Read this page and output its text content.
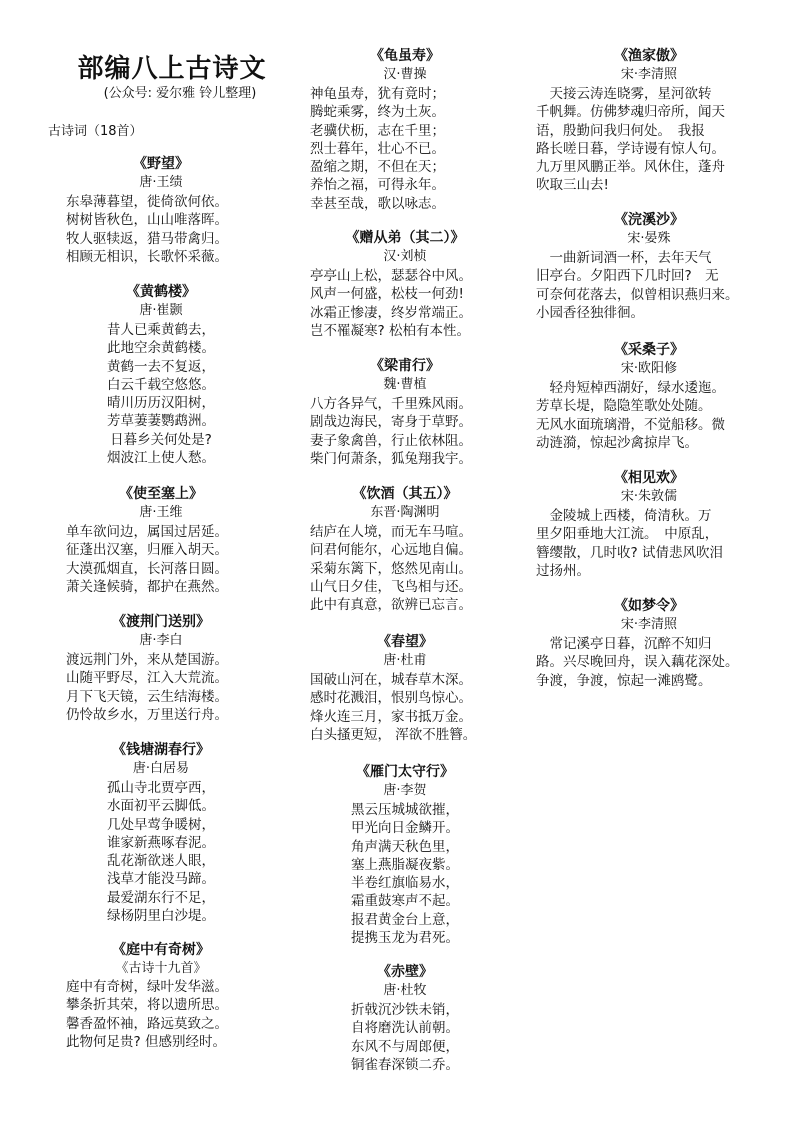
部编八上古诗文
(公众号: 爱尔雅 铃儿整理)
古诗词（18首）
《野望》
唐·王绩
东皋薄暮望，徙倚欲何依。
树树皆秋色，山山唯落晖。
牧人驱犊返，猎马带禽归。
相顾无相识，长歌怀采薇。
《黄鹤楼》
唐·崔颢
昔人已乘黄鹤去，
此地空余黄鹤楼。
黄鹤一去不复返，
白云千载空悠悠。
晴川历历汉阳树，
芳草萋萋鹦鹉洲。
日暮乡关何处是?
烟波江上使人愁。
《使至塞上》
唐·王维
单车欲问边，属国过居延。
征蓬出汉塞，归雁入胡天。
大漠孤烟直，长河落日圆。
萧关逢候骑，都护在燕然。
《渡荆门送别》
唐·李白
渡远荆门外，来从楚国游。
山随平野尽，江入大荒流。
月下飞天镜，云生结海楼。
仍怜故乡水，万里送行舟。
《钱塘湖春行》
唐·白居易
孤山寺北贾亭西，
水面初平云脚低。
几处早莺争暖树，
谁家新燕啄春泥。
乱花渐欲迷人眼，
浅草才能没马蹄。
最爱湖东行不足，
绿杨阴里白沙堤。
《庭中有奇树》
《古诗十九首》
庭中有奇树，绿叶发华滋。
攀条折其荣，将以遗所思。
馨香盈怀袖，路远莫致之。
此物何足贵? 但感别经时。
《龟虽寿》
汉·曹操
神龟虽寿，犹有竟时；
腾蛇乘雾，终为土灰。
老骥伏枥，志在千里；
烈士暮年，壮心不已。
盈缩之期，不但在天；
养怡之福，可得永年。
幸甚至哉，歌以咏志。
《赠从弟（其二）》
汉·刘桢
亭亭山上松，瑟瑟谷中风。
风声一何盛，松枝一何劲!
冰霜正惨凄，终岁常端正。
岂不罹凝寒? 松柏有本性。
《梁甫行》
魏·曹植
八方各异气，千里殊风雨。
剧哉边海民，寄身于草野。
妻子象禽兽，行止依林阻。
柴门何萧条，狐兔翔我宇。
《饮酒（其五）》
东晋·陶渊明
结庐在人境，而无车马喧。
问君何能尔，心远地自偏。
采菊东篱下，悠然见南山。
山气日夕佳，飞鸟相与还。
此中有真意，欲辨已忘言。
《春望》
唐·杜甫
国破山河在，城春草木深。
感时花溅泪，恨别鸟惊心。
烽火连三月，家书抵万金。
白头搔更短， 浑欲不胜簪。
《雁门太守行》
唐·李贺
黑云压城城欲摧，
甲光向日金鳞开。
角声满天秋色里，
塞上燕脂凝夜紫。
半卷红旗临易水，
霜重鼓寒声不起。
报君黄金台上意，
提携玉龙为君死。
《赤壁》
唐·杜牧
折戟沉沙铁未销，
自将磨洗认前朝。
东风不与周郎便，
铜雀春深锁二乔。
《渔家傲》
宋·李清照
　天接云涛连晓雾，星河欲转
千帆舞。仿佛梦魂归帝所，闻天
语，殷勤问我归何处。　我报
路长嗟日暮，学诗谩有惊人句。
九万里风鹏正举。风休住，蓬舟
吹取三山去!
《浣溪沙》
宋·晏殊
　一曲新词酒一杯，去年天气
旧亭台。夕阳西下几时回?　无
可奈何花落去，似曾相识燕归来。
小园香径独徘徊。
《采桑子》
宋·欧阳修
　轻舟短棹西湖好，绿水逶迤。
芳草长堤，隐隐笙歌处处随。
无风水面琉璃滑，不觉船移。微
动涟漪，惊起沙禽掠岸飞。
《相见欢》
宋·朱敦儒
　金陵城上西楼，倚清秋。万
里夕阳垂地大江流。　中原乱，
簪缨散，几时收? 试倩悲风吹泪
过扬州。
《如梦令》
宋·李清照
　常记溪亭日暮，沉醉不知归
路。兴尽晚回舟，误入藕花深处。
争渡，争渡，惊起一滩鸥鹭。
